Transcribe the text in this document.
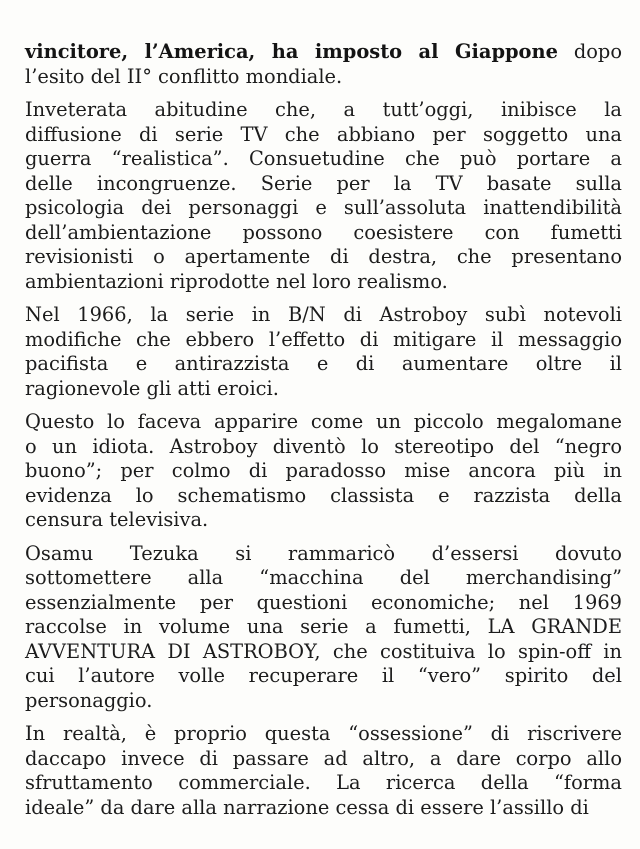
vincitore, l’America, ha imposto al Giappone dopo
l’esito del II° conflitto mondiale.

Inveterata abitudine che, a tutt’oggi, inibisce la
diffusione di serie TV che abbiano per soggetto una
guerra “realistica”. Consuetudine che può portare a
delle incongruenze. Serie per la TV basate sulla
psicologia dei personaggi e sull’assoluta inattendibilità
dell’ambientazione possono coesistere con fumetti
revisionisti o apertamente di destra, che presentano
ambientazioni riprodotte nel loro realismo.

Nel 1966, la serie in B/N di Astroboy subì notevoli
modifiche che ebbero l’effetto di mitigare il messaggio
pacifista e antirazzista e di aumentare oltre il
ragionevole gli atti eroici.

Questo lo faceva apparire come un piccolo megalomane
o un idiota. Astroboy diventò lo stereotipo del “negro
buono”; per colmo di paradosso mise ancora più in
evidenza lo schematismo classista e razzista della
censura televisiva.

Osamu Tezuka si rammaricò d’essersi dovuto
sottomettere alla “macchina del merchandising”
essenzialmente per questioni economiche; nel 1969
raccolse in volume una serie a fumetti, LA GRANDE
AVVENTURA DI ASTROBOY, che costituiva lo spin-off in
cui l’autore volle recuperare il “vero” spirito del
personaggio.

In realtà, è proprio questa “ossessione” di riscrivere
daccapo invece di passare ad altro, a dare corpo allo
sfruttamento commerciale. La ricerca della “forma
ideale” da dare alla narrazione cessa di essere l’assillo di
